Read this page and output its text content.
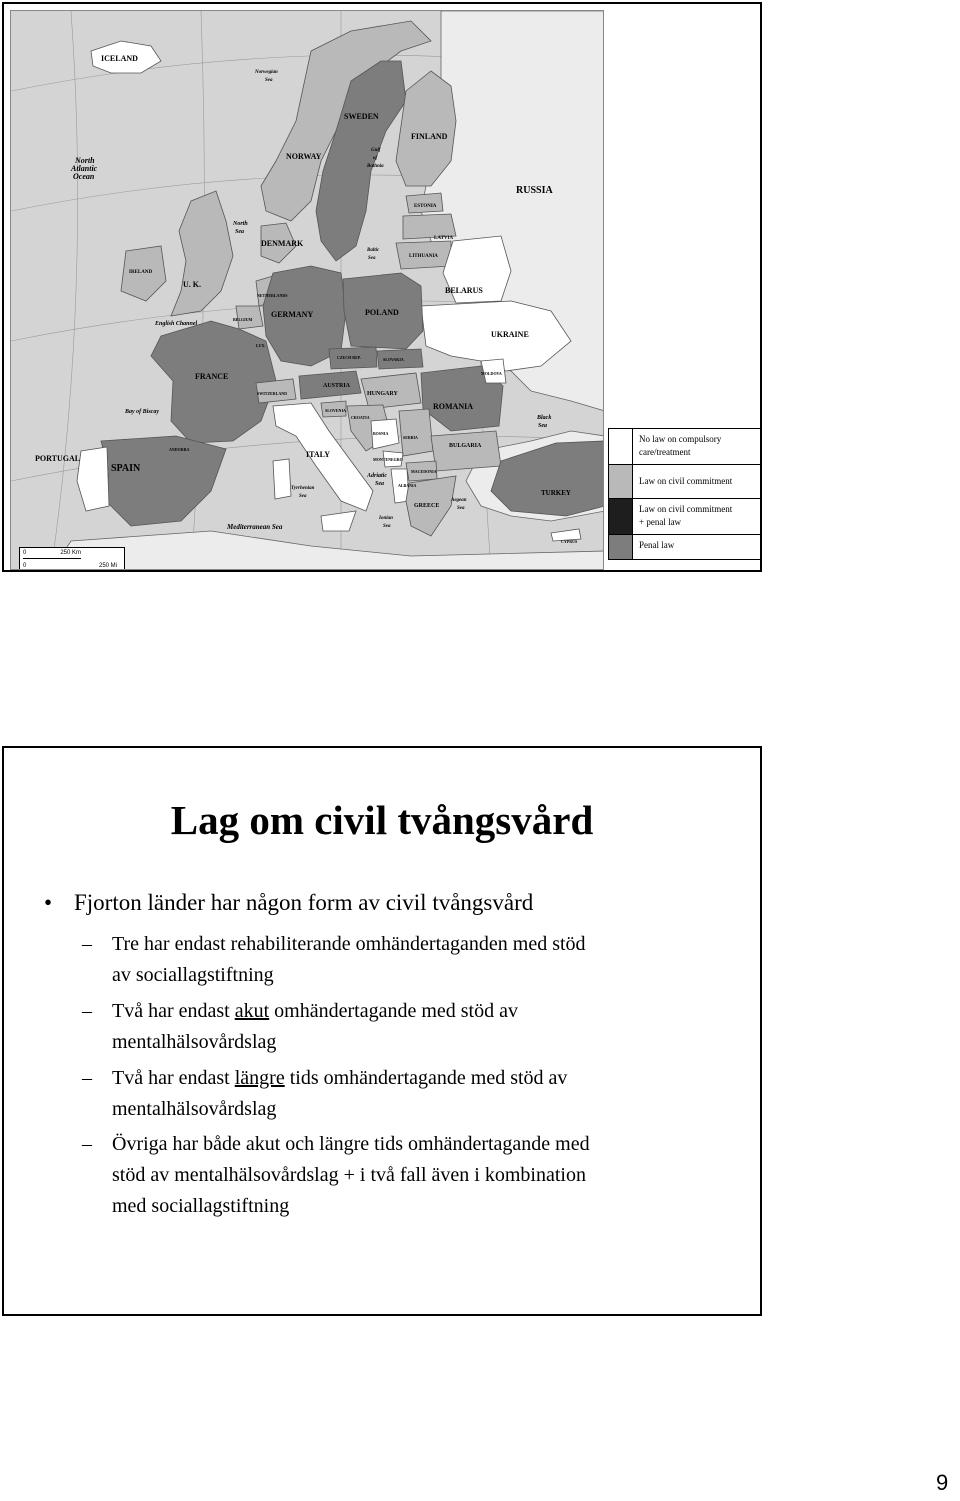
ICELAND
SWEDEN
FINLAND
NORWAY
RUSSIA
DENMARK
ESTONIA
LATVIA
LITHUANIA
U. K.
IRELAND
BELARUS
NETHERLANDS
BELGIUM
GERMANY	POLAND
UKRAINE
LUX.
CZECH REP.	SLOVAKIA
MOLDOVA
FRANCE
SWITZERLAND
AUSTRIA
HUNGARY
SLOVENIA
CROATIA
ROMANIA
BOSNIA
SERBIA
PORTUGAL
SPAIN
ANDORRA
ITALY
MONTENEGRO
BULGARIA
MACEDONIA
ALBANIA
GREECE
TURKEY
CYPRUS
Norwegian
Sea
North
Atlantic
Ocean
Gulf
of
Bothnia
North
Sea
Baltic
Sea
English Channel
Bay of Biscay
Black
Sea
Adriatic
Sea
Tyrrhenian
Sea
Ionian
Sea
Aegean
Sea
Mediterranean Sea
0	250 Km
0	250 Mi
No law on compulsory
care/treatment
Law on civil commitment
Law on civil commitment
+ penal law
Penal law
Lag om civil tvångsvård
• Fjorton länder har någon form av civil tvångsvård
–	Tre har endast rehabiliterande omhändertaganden med stöd
av sociallagstiftning
–	Två har endast akut omhändertagande med stöd av
mentalhälsovårdslag
–	Två har endast längre tids omhändertagande med stöd av
mentalhälsovårdslag
–	Övriga har både akut och längre tids omhändertagande med
stöd av mentalhälsovårdslag + i två fall även i kombination
med sociallagstiftning
9
